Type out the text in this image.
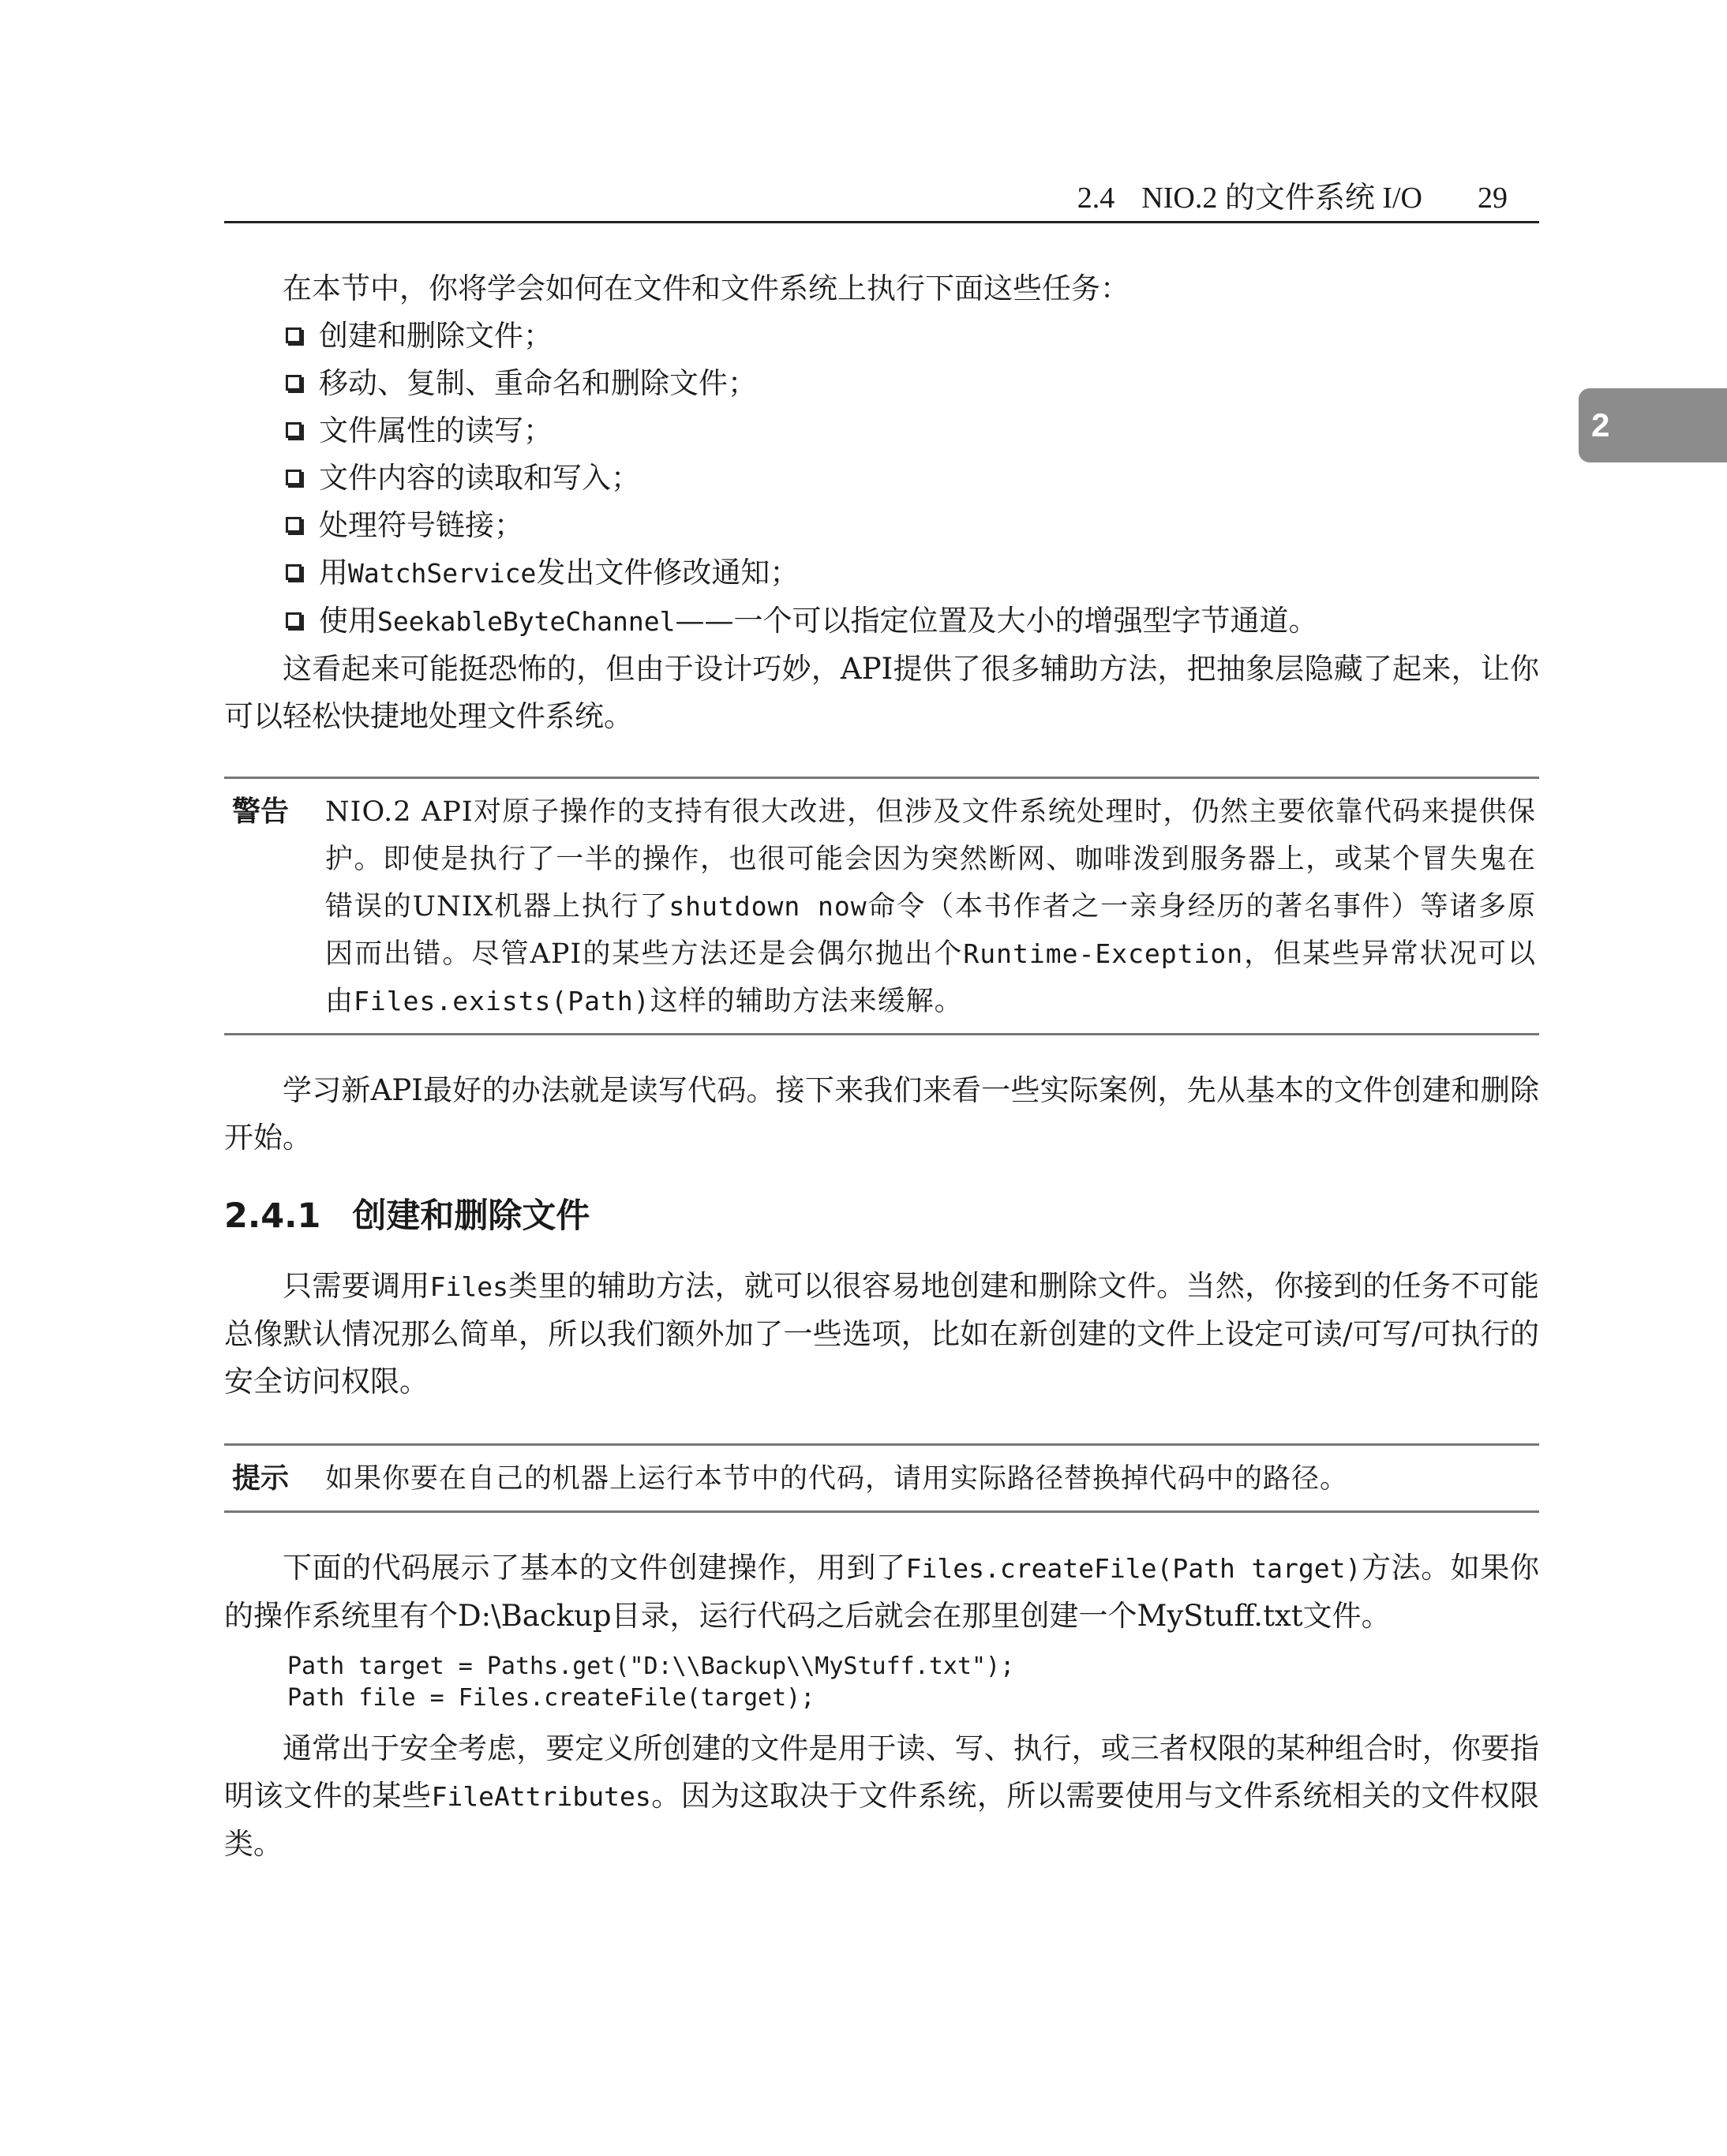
2.4 NIO.2 的文件系统 I/O 29
2

在本节中，你将学会如何在文件和文件系统上执行下面这些任务：

创建和删除文件；
移动、复制、重命名和删除文件；
文件属性的读写；
文件内容的读取和写入；
处理符号链接；
用WatchService发出文件修改通知；
使用SeekableByteChannel——一个可以指定位置及大小的增强型字节通道。

这看起来可能挺恐怖的，但由于设计巧妙，API提供了很多辅助方法，把抽象层隐藏了起来，让你可以轻松快捷地处理文件系统。

警告	NIO.2 API对原子操作的支持有很大改进，但涉及文件系统处理时，仍然主要依靠代码来提供保护。即使是执行了一半的操作，也很可能会因为突然断网、咖啡泼到服务器上，或某个冒失鬼在错误的UNIX机器上执行了shutdown now命令（本书作者之一亲身经历的著名事件）等诸多原因而出错。尽管API的某些方法还是会偶尔抛出个Runtime-Exception，但某些异常状况可以由Files.exists(Path)这样的辅助方法来缓解。

学习新API最好的办法就是读写代码。接下来我们来看一些实际案例，先从基本的文件创建和删除开始。

2.4.1 创建和删除文件

只需要调用Files类里的辅助方法，就可以很容易地创建和删除文件。当然，你接到的任务不可能总像默认情况那么简单，所以我们额外加了一些选项，比如在新创建的文件上设定可读/可写/可执行的安全访问权限。

提示	如果你要在自己的机器上运行本节中的代码，请用实际路径替换掉代码中的路径。

下面的代码展示了基本的文件创建操作，用到了Files.createFile(Path target)方法。如果你的操作系统里有个D:\Backup目录，运行代码之后就会在那里创建一个MyStuff.txt文件。

Path target = Paths.get("D:\\Backup\\MyStuff.txt");
Path file = Files.createFile(target);

通常出于安全考虑，要定义所创建的文件是用于读、写、执行，或三者权限的某种组合时，你要指明该文件的某些FileAttributes。因为这取决于文件系统，所以需要使用与文件系统相关的文件权限类。
